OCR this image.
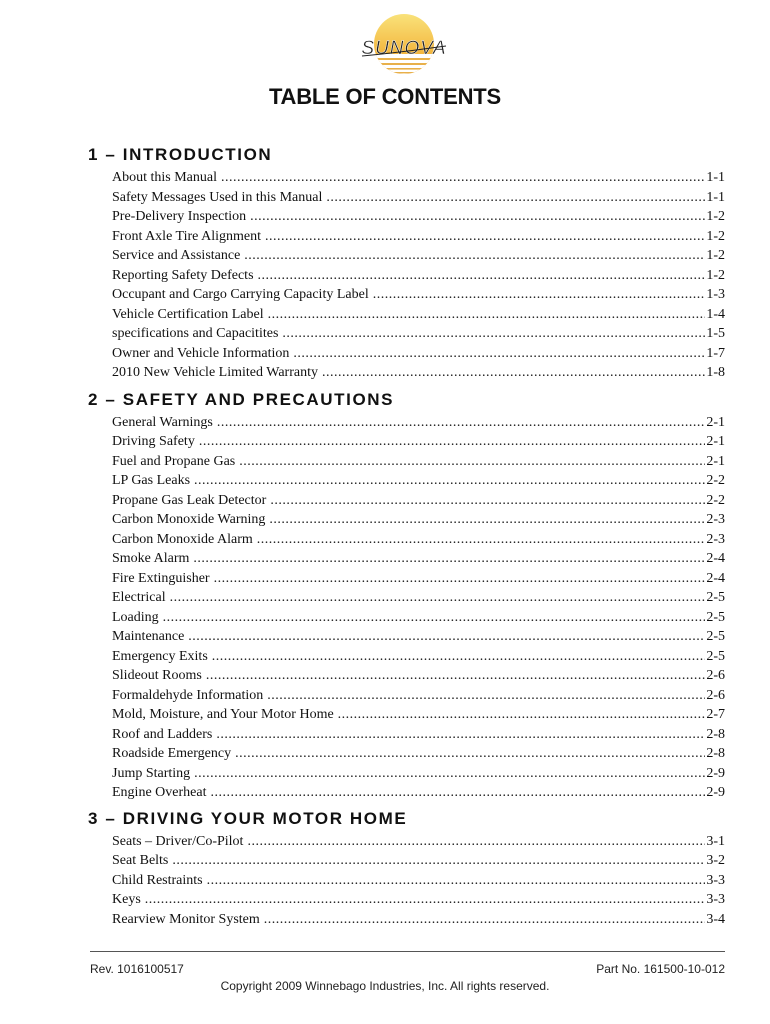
SUNOVA
TABLE OF CONTENTS
1 – INTRODUCTION
About this Manual .....	1-1
Safety Messages Used in this Manual .....	1-1
Pre-Delivery Inspection .....	1-2
Front Axle Tire Alignment .....	1-2
Service and Assistance .....	1-2
Reporting Safety Defects .....	1-2
Occupant and Cargo Carrying Capacity Label .....	1-3
Vehicle Certification Label .....	1-4
specifications and Capacitites .....	1-5
Owner and Vehicle Information .....	1-7
2010 New Vehicle Limited Warranty .....	1-8
2 – SAFETY AND PRECAUTIONS
General Warnings .....	2-1
Driving Safety .....	2-1
Fuel and Propane Gas .....	2-1
LP Gas Leaks .....	2-2
Propane Gas Leak Detector .....	2-2
Carbon Monoxide Warning .....	2-3
Carbon Monoxide Alarm .....	2-3
Smoke Alarm .....	2-4
Fire Extinguisher .....	2-4
Electrical .....	2-5
Loading .....	2-5
Maintenance .....	2-5
Emergency Exits .....	2-5
Slideout Rooms .....	2-6
Formaldehyde Information .....	2-6
Mold, Moisture, and Your Motor Home .....	2-7
Roof and Ladders .....	2-8
Roadside Emergency .....	2-8
Jump Starting .....	2-9
Engine Overheat .....	2-9
3 – DRIVING YOUR MOTOR HOME
Seats – Driver/Co-Pilot .....	3-1
Seat Belts .....	3-2
Child Restraints .....	3-3
Keys .....	3-3
Rearview Monitor System .....	3-4
Rev. 1016100517	Part No. 161500-10-012
Copyright 2009 Winnebago Industries, Inc. All rights reserved.
